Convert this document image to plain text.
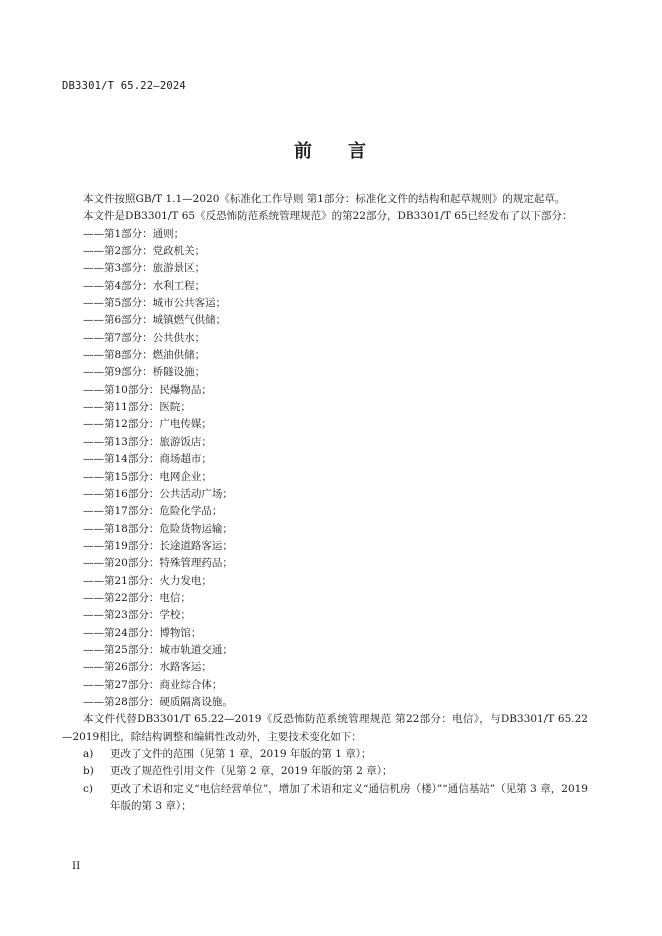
DB3301/T 65.22—2024
前 言
本文件按照GB/T 1.1—2020《标准化工作导则 第1部分：标准化文件的结构和起草规则》的规定起草。
本文件是DB3301/T 65《反恐怖防范系统管理规范》的第22部分，DB3301/T 65已经发布了以下部分：
——第1部分：通则；
——第2部分：党政机关；
——第3部分：旅游景区；
——第4部分：水利工程；
——第5部分：城市公共客运；
——第6部分：城镇燃气供储；
——第7部分：公共供水；
——第8部分：燃油供储；
——第9部分：桥隧设施；
——第10部分：民爆物品；
——第11部分：医院；
——第12部分：广电传媒；
——第13部分：旅游饭店；
——第14部分：商场超市；
——第15部分：电网企业；
——第16部分：公共活动广场；
——第17部分：危险化学品；
——第18部分：危险货物运输；
——第19部分：长途道路客运；
——第20部分：特殊管理药品；
——第21部分：火力发电；
——第22部分：电信；
——第23部分：学校；
——第24部分：博物馆；
——第25部分：城市轨道交通；
——第26部分：水路客运；
——第27部分：商业综合体；
——第28部分：硬质隔离设施。
本文件代替DB3301/T 65.22—2019《反恐怖防范系统管理规范 第22部分：电信》，与DB3301/T 65.22—2019相比，除结构调整和编辑性改动外，主要技术变化如下：
a) 更改了文件的范围（见第 1 章，2019 年版的第 1 章）；
b) 更改了规范性引用文件（见第 2 章，2019 年版的第 2 章）；
c) 更改了术语和定义“电信经营单位”，增加了术语和定义“通信机房（楼）”“通信基站”（见第 3 章，2019 年版的第 3 章）；
II
